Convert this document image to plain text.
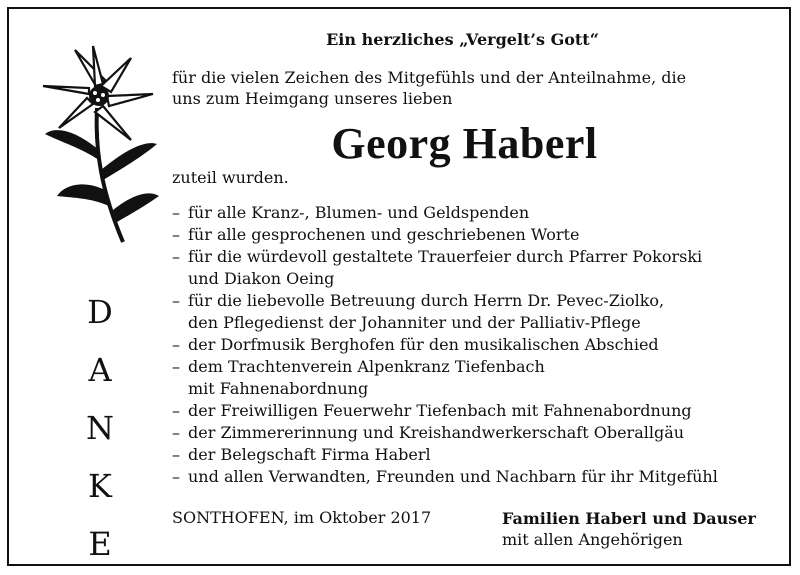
Ein herzliches „Vergelt’s Gott“
für die vielen Zeichen des Mitgefühls und der Anteilnahme, die
uns zum Heimgang unseres lieben
Georg Haberl
zuteil wurden.
– für alle Kranz-, Blumen- und Geldspenden
– für alle gesprochenen und geschriebenen Worte
– für die würdevoll gestaltete Trauerfeier durch Pfarrer Pokorski
und Diakon Oeing
– für die liebevolle Betreuung durch Herrn Dr. Pevec-Ziolko,
den Pflegedienst der Johanniter und der Palliativ-Pflege
– der Dorfmusik Berghofen für den musikalischen Abschied
– dem Trachtenverein Alpenkranz Tiefenbach
mit Fahnenabordnung
– der Freiwilligen Feuerwehr Tiefenbach mit Fahnenabordnung
– der Zimmererinnung und Kreishandwerkerschaft Oberallgäu
– der Belegschaft Firma Haberl
– und allen Verwandten, Freunden und Nachbarn für ihr Mitgefühl
SONTHOFEN, im Oktober 2017	Familien Haberl und Dauser
mit allen Angehörigen
D
A
N
K
E
